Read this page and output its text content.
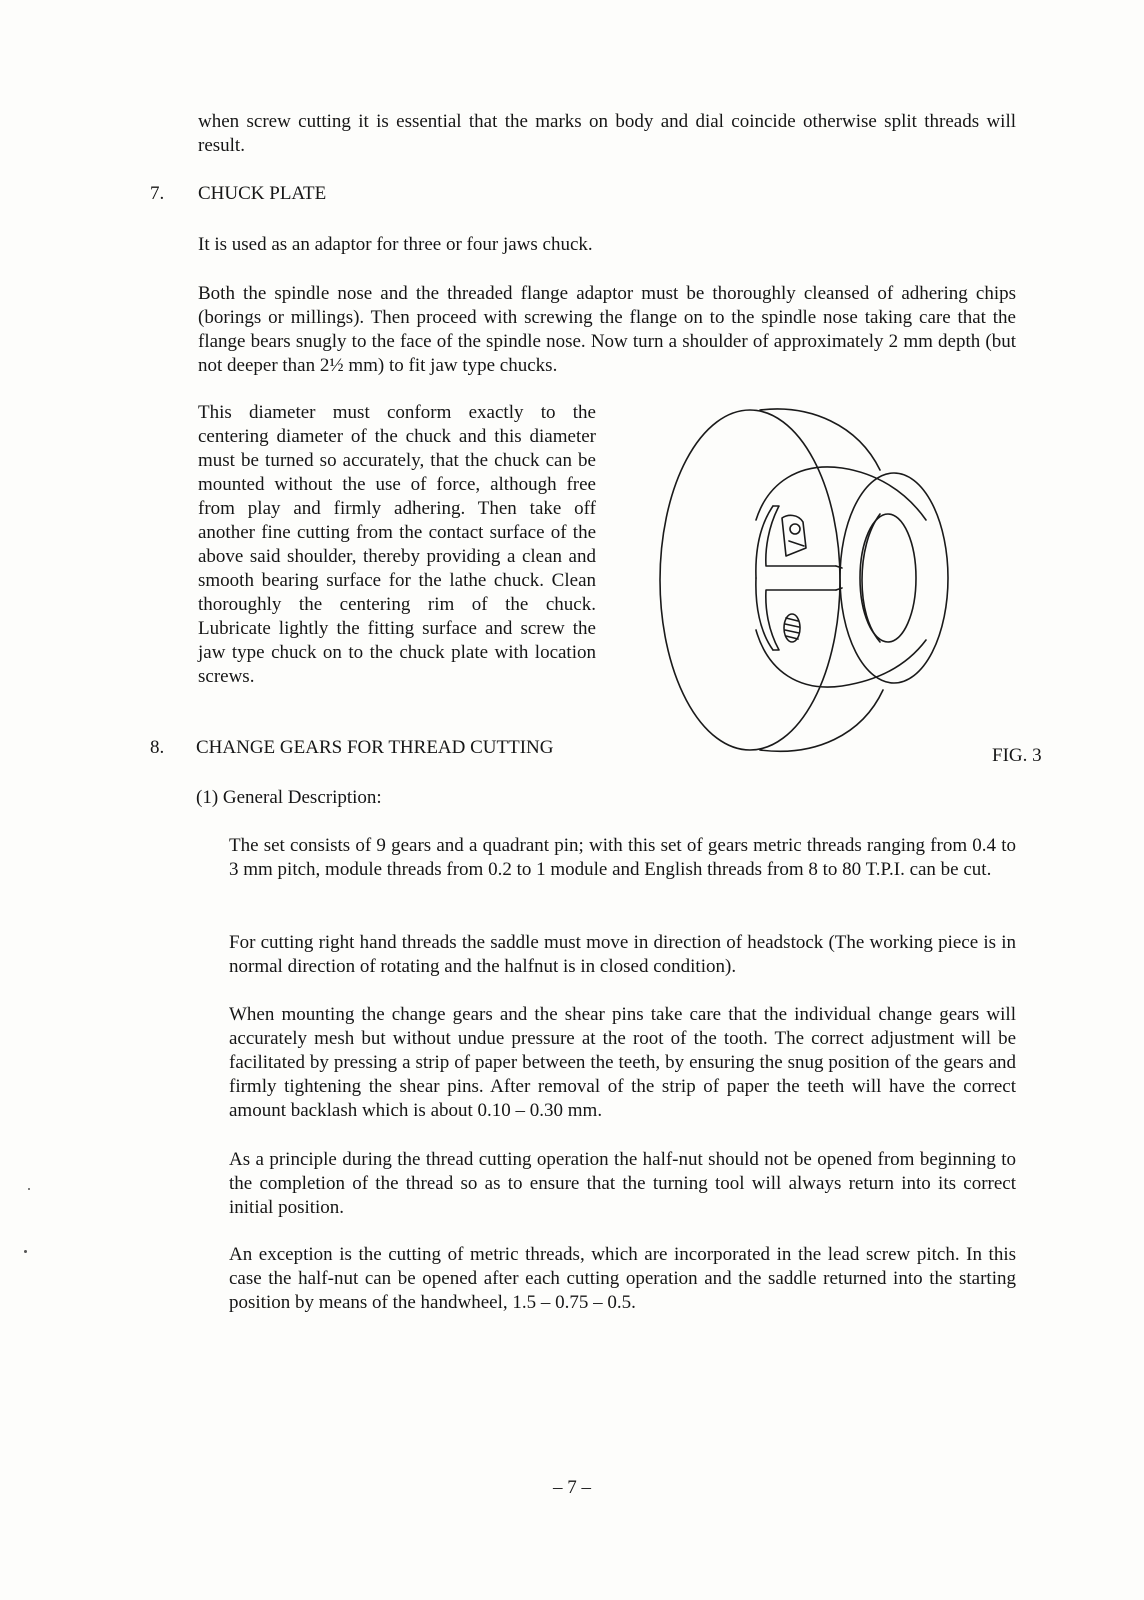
when screw cutting it is essential that the marks on body and dial coincide otherwise split threads will result.

7. CHUCK PLATE

It is used as an adaptor for three or four jaws chuck.

Both the spindle nose and the threaded flange adaptor must be thoroughly cleansed of adhering chips (borings or millings). Then proceed with screwing the flange on to the spindle nose taking care that the flange bears snugly to the face of the spindle nose. Now turn a shoulder of approximately 2 mm depth (but not deeper than 2½ mm) to fit jaw type chucks.

This diameter must conform exactly to the centering diameter of the chuck and this diameter must be turned so accurately, that the chuck can be mounted without the use of force, although free from play and firmly adhering. Then take off another fine cutting from the contact surface of the above said shoulder, thereby providing a clean and smooth bearing surface for the lathe chuck. Clean thoroughly the centering rim of the chuck. Lubricate lightly the fitting surface and screw the jaw type chuck on to the chuck plate with location screws.

FIG. 3
8. CHANGE GEARS FOR THREAD CUTTING
(1) General Description:

The set consists of 9 gears and a quadrant pin; with this set of gears metric threads ranging from 0.4 to 3 mm pitch, module threads from 0.2 to 1 module and English threads from 8 to 80 T.P.I. can be cut.

For cutting right hand threads the saddle must move in direction of headstock (The working piece is in normal direction of rotating and the halfnut is in closed condition).

When mounting the change gears and the shear pins take care that the individual change gears will accurately mesh but without undue pressure at the root of the tooth. The correct adjustment will be facilitated by pressing a strip of paper between the teeth, by ensuring the snug position of the gears and firmly tightening the shear pins. After removal of the strip of paper the teeth will have the correct amount backlash which is about 0.10 – 0.30 mm.

As a principle during the thread cutting operation the half-nut should not be opened from beginning to the completion of the thread so as to ensure that the turning tool will always return into its correct initial position.

An exception is the cutting of metric threads, which are incorporated in the lead screw pitch. In this case the half-nut can be opened after each cutting operation and the saddle returned into the starting position by means of the handwheel, 1.5 – 0.75 – 0.5.

– 7 –
